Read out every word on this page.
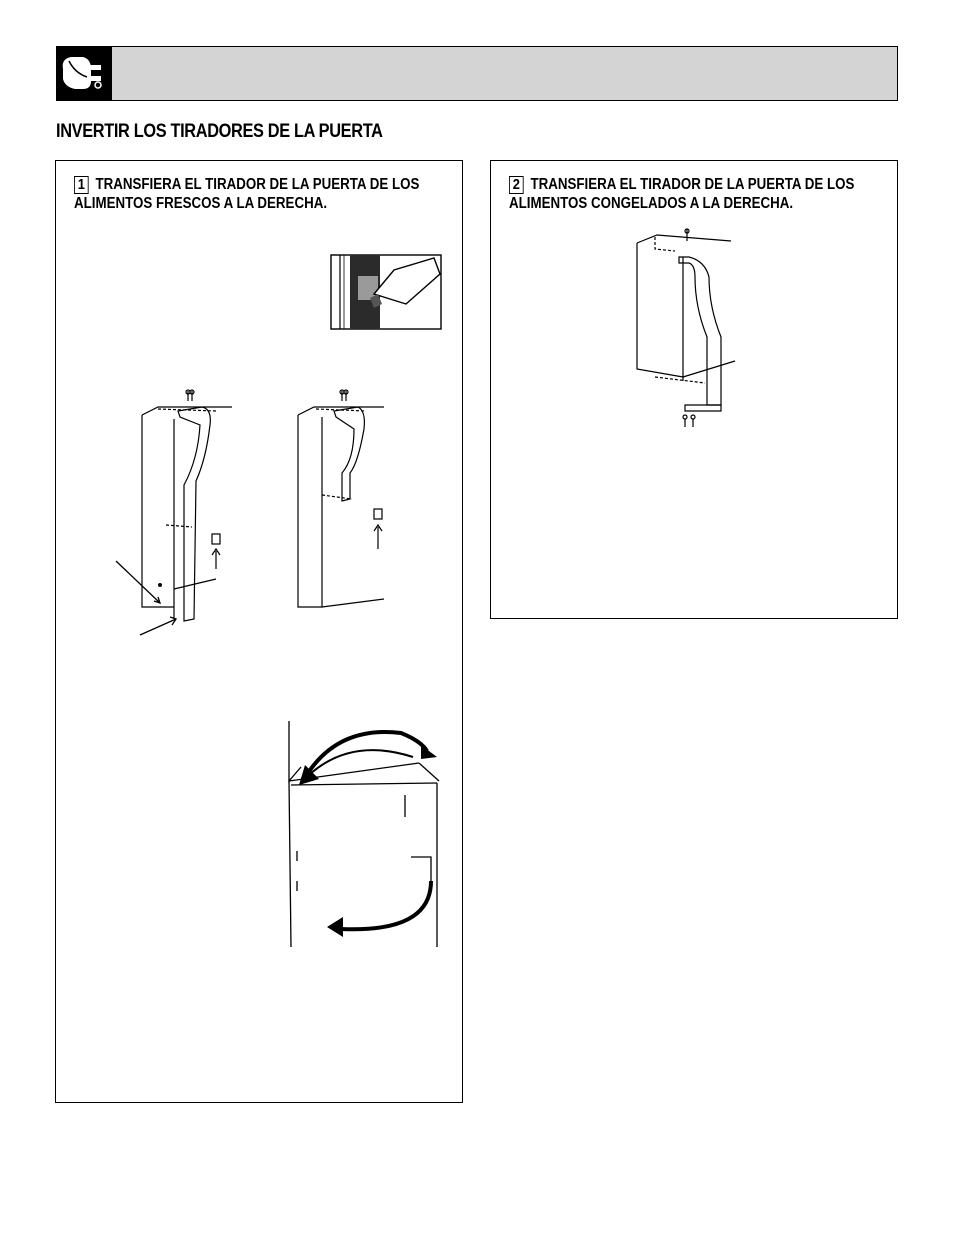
INVERTIR LOS TIRADORES DE LA PUERTA
1 TRANSFIERA EL TIRADOR DE LA PUERTA DE LOS ALIMENTOS FRESCOS A LA DERECHA.
2 TRANSFIERA EL TIRADOR DE LA PUERTA DE LOS ALIMENTOS CONGELADOS A LA DERECHA.
